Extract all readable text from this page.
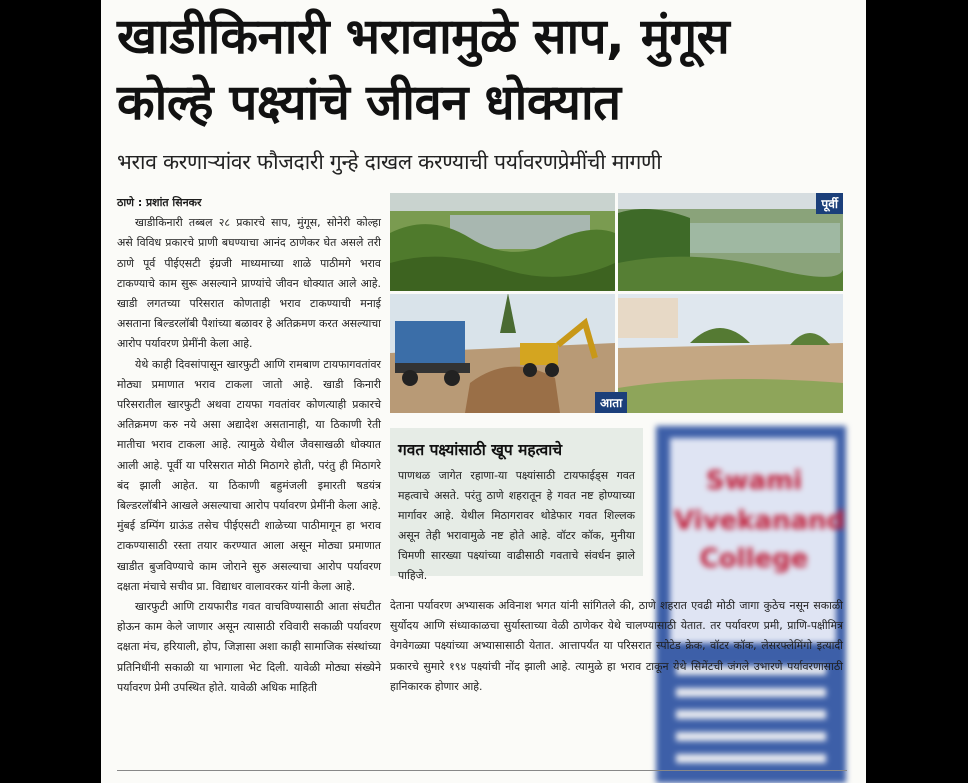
खाडीकिनारी भरावामुळे साप, मुंगूस
कोल्हे पक्ष्यांचे जीवन धोक्यात
भराव करणाऱ्यांवर फौजदारी गुन्हे दाखल करण्याची पर्यावरणप्रेमींची मागणी
ठाणे : प्रशांत सिनकर

खाडीकिनारी तब्बल २८ प्रकारचे साप, मुंगूस, सोनेरी कोल्हा असे विविध प्रकारचे प्राणी बघण्याचा आनंद ठाणेकर घेत असले तरी ठाणे पूर्व पीईएसटी इंग्रजी माध्यमाच्या शाळे पाठीमगे भराव टाकण्याचे काम सुरू असल्याने प्राण्यांचे जीवन धोक्यात आले आहे. खाडी लगतच्या परिसरात कोणताही भराव टाकण्याची मनाई असताना बिल्डरलॉबी पैशांच्या बळावर हे अतिक्रमण करत असल्याचा आरोप पर्यावरण प्रेमींनी केला आहे.

येथे काही दिवसांपासून खारफुटी आणि रामबाण टायफागवतांवर मोठ्या प्रमाणात भराव टाकला जातो आहे. खाडी किनारी परिसरातील खारफुटी अथवा टायफा गवतांवर कोणत्याही प्रकारचे अतिक्रमण करु नये असा अद्यादेश असतानाही, या ठिकाणी रेती मातीचा भराव टाकला आहे. त्यामुळे येथील जैवसाखळी धोक्यात आली आहे. पूर्वी या परिसरात मोठी मिठागरे होती, परंतु ही मिठागरे बंद झाली आहेत. या ठिकाणी बहुमंजली इमारती षडयंत्र बिल्डरलॉबीने आखले असल्याचा आरोप पर्यावरण प्रेमींनी केला आहे. मुंबई डम्पिंग ग्राऊंड तसेच पीईएसटी शाळेच्या पाठीमागून हा भराव टाकण्यासाठी रस्ता तयार करण्यात आला असून मोठ्या प्रमाणात खाडीत बुजविण्याचे काम जोराने सुरु असल्याचा आरोप पर्यावरण दक्षता मंचाचे सचीव प्रा. विद्याधर वालावरकर यांनी केला आहे.

खारफुटी आणि टायफारीड गवत वाचविण्यासाठी आता संघटीत होऊन काम केले जाणार असून त्यासाठी रविवारी सकाळी पर्यावरण दक्षता मंच, हरियाली, होप, जिज्ञासा अशा काही सामाजिक संस्थांच्या प्रतिनिधींनी सकाळी या भागाला भेट दिली. यावेळी मोठ्या संख्येने पर्यावरण प्रेमी उपस्थित होते. यावेळी अधिक माहिती

पूर्वी
आता
गवत पक्ष्यांसाठी खूप महत्वाचे
पाणथळ जागेत रहाणा-या पक्ष्यांसाठी टायफाईड्स गवत महत्वाचे असते. परंतु ठाणे शहरातून हे गवत नष्ट होण्याच्या मार्गावर आहे. येथील मिठागरावर थोडेफार गवत शिल्लक असून तेही भरावामुळे नष्ट होते आहे. वॉटर कॉक, मुनीया चिमणी सारख्या पक्ष्यांच्या वाढीसाठी गवताचे संवर्धन झाले पाहिजे.
Swami
Vivekanand
College
देताना पर्यावरण अभ्यासक अविनाश भगत यांनी सांगितले की, ठाणे शहरात एवढी मोठी जागा कुठेच नसून सकाळी सुर्योदय आणि संध्याकाळचा सुर्यास्ताच्या वेळी ठाणेकर येथे चालण्यासाठी येतात. तर पर्यावरण प्रमी, प्राणि-पक्षीमित्र वेगवेगळ्या पक्ष्यांच्या अभ्यासासाठी येतात. आत्तापर्यंत या परिसरात स्पोटेड क्रेक, वॉटर कॉक, लेसरफ्लेमिंगो इत्यादी प्रकारचे सुमारे १९४ पक्ष्यांची नोंद झाली आहे. त्यामुळे हा भराव टाकून येथे सिमेंटची जंगले उभारणे पर्यावरणासाठी हानिकारक होणार आहे.
